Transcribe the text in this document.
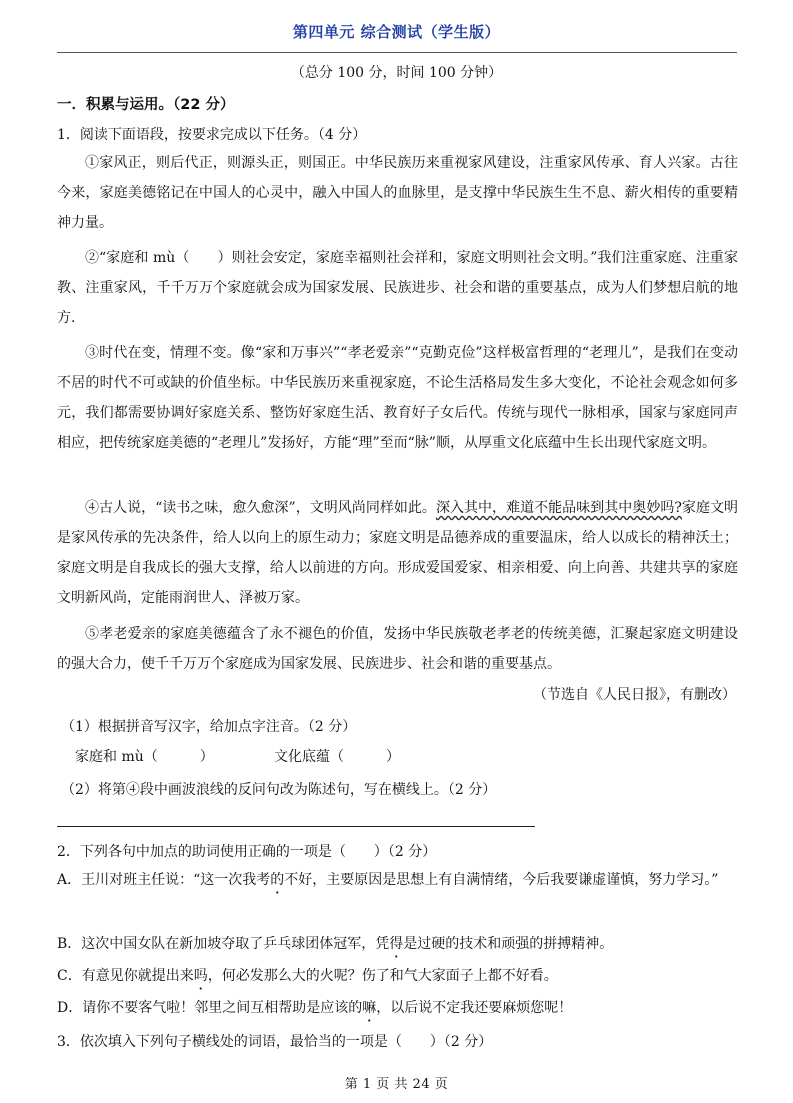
第四单元 综合测试（学生版）
（总分 100 分，时间 100 分钟）
一．积累与运用。（22 分）
1．阅读下面语段，按要求完成以下任务。（4 分）
①家风正，则后代正，则源头正，则国正。中华民族历来重视家风建设，注重家风传承、育人兴家。古往今来，家庭美德铭记在中国人的心灵中，融入中国人的血脉里，是支撑中华民族生生不息、薪火相传的重要精神力量。
②“家庭和 mù（　　）则社会安定，家庭幸福则社会祥和，家庭文明则社会文明。”我们注重家庭、注重家教、注重家风，千千万万个家庭就会成为国家发展、民族进步、社会和谐的重要基点，成为人们梦想启航的地方.
③时代在变，情理不变。像“家和万事兴”“孝老爱亲”“克勤克俭”这样极富哲理的“老理儿”，是我们在变动不居的时代不可或缺的价值坐标。中华民族历来重视家庭，不论生活格局发生多大变化，不论社会观念如何多元，我们都需要协调好家庭关系、整饬好家庭生活、教育好子女后代。传统与现代一脉相承，国家与家庭同声相应，把传统家庭美德的“老理儿”发扬好，方能“理”至而“脉”顺，从厚重文化底蕴中生长出现代家庭文明。
④古人说，“读书之味，愈久愈深”，文明风尚同样如此。深入其中，难道不能品味到其中奥妙吗?家庭文明是家风传承的先决条件，给人以向上的原生动力；家庭文明是品德养成的重要温床，给人以成长的精神沃土；家庭文明是自我成长的强大支撑，给人以前进的方向。形成爱国爱家、相亲相爱、向上向善、共建共享的家庭文明新风尚，定能雨润世人、泽被万家。
⑤孝老爱亲的家庭美德蕴含了永不褪色的价值，发扬中华民族敬老孝老的传统美德，汇聚起家庭文明建设的强大合力，使千千万万个家庭成为国家发展、民族进步、社会和谐的重要基点。
（节选自《人民日报》，有删改）
（1）根据拼音写汉字，给加点字注音。（2 分）
家庭和 mù（　　　）	文化底蕴（　　　）
（2）将第④段中画波浪线的反问句改为陈述句，写在横线上。（2 分）
2．下列各句中加点的助词使用正确的一项是（　　）（2 分）
A．王川对班主任说：“这一次我考的不好，主要原因是思想上有自满情绪，今后我要谦虚谨慎，努力学习。”
B．这次中国女队在新加坡夺取了乒乓球团体冠军，凭得是过硬的技术和顽强的拼搏精神。
C．有意见你就提出来吗，何必发那么大的火呢？伤了和气大家面子上都不好看。
D．请你不要客气啦！邻里之间互相帮助是应该的嘛，以后说不定我还要麻烦您呢！
3．依次填入下列句子横线处的词语，最恰当的一项是（　　）（2 分）
第 1 页 共 24 页
